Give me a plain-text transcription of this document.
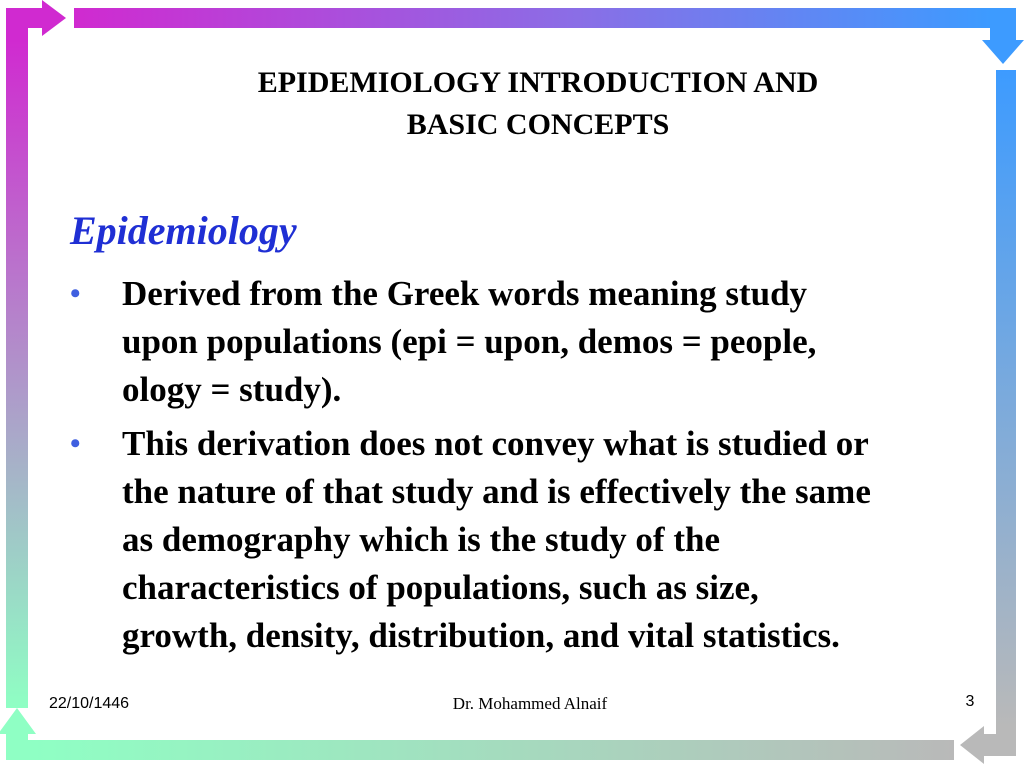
EPIDEMIOLOGY INTRODUCTION AND
BASIC CONCEPTS
Epidemiology
• Derived from the Greek words meaning study
upon populations (epi = upon, demos = people,
ology = study).
• This derivation does not convey what is studied or
the nature of that study and is effectively the same
as demography which is the study of the
characteristics of populations, such as size,
growth, density, distribution, and vital statistics.
22/10/1446	Dr. Mohammed Alnaif	3
